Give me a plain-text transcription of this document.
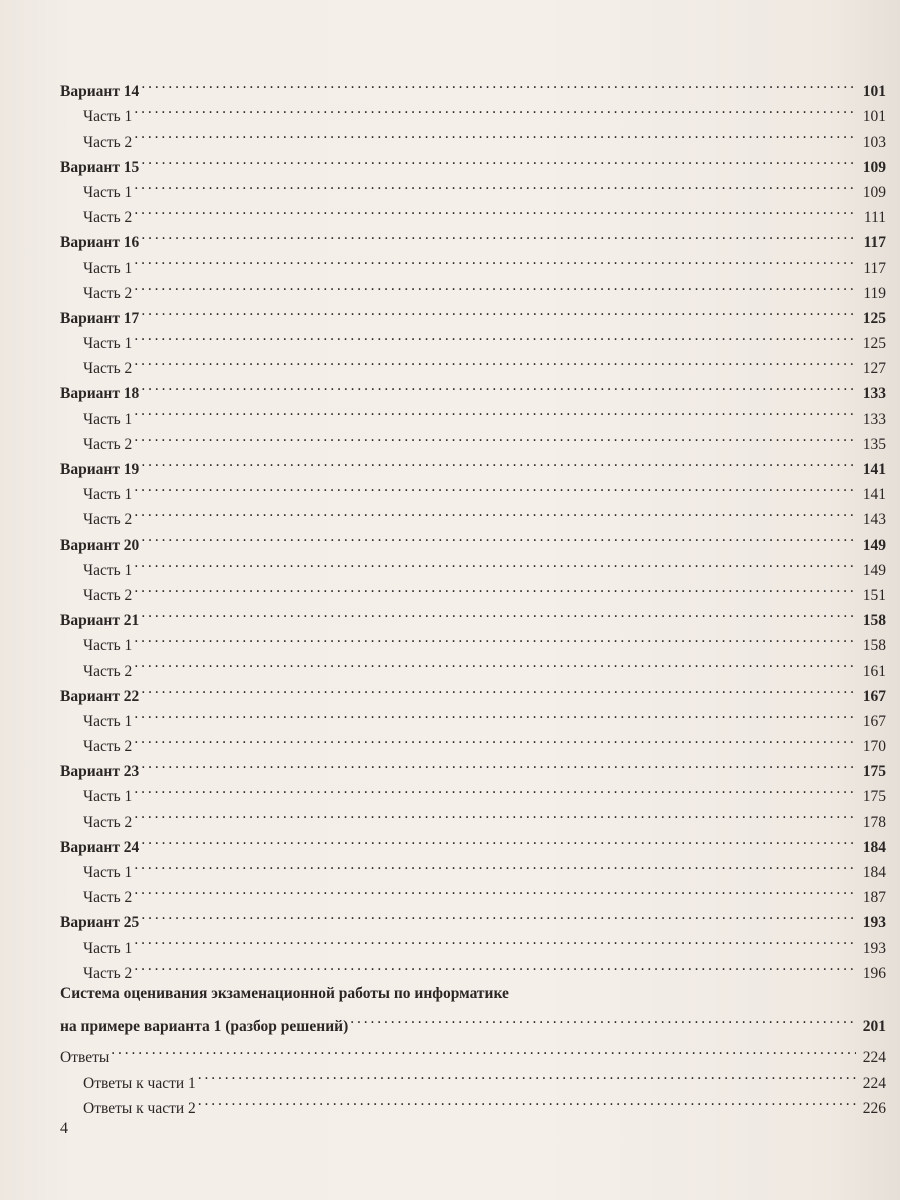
Вариант 14 . . .	101
Часть 1 . . .	101
Часть 2 . . .	103
Вариант 15 . . .	109
Часть 1 . . .	109
Часть 2 . . .	111
Вариант 16 . . .	117
Часть 1 . . .	117
Часть 2 . . .	119
Вариант 17 . . .	125
Часть 1 . . .	125
Часть 2 . . .	127
Вариант 18 . . .	133
Часть 1 . . .	133
Часть 2 . . .	135
Вариант 19 . . .	141
Часть 1 . . .	141
Часть 2 . . .	143
Вариант 20 . . .	149
Часть 1 . . .	149
Часть 2 . . .	151
Вариант 21 . . .	158
Часть 1 . . .	158
Часть 2 . . .	161
Вариант 22 . . .	167
Часть 1 . . .	167
Часть 2 . . .	170
Вариант 23 . . .	175
Часть 1 . . .	175
Часть 2 . . .	178
Вариант 24 . . .	184
Часть 1 . . .	184
Часть 2 . . .	187
Вариант 25 . . .	193
Часть 1 . . .	193
Часть 2 . . .	196
Система оценивания экзаменационной работы по информатике
на примере варианта 1 (разбор решений) . . .	201
Ответы . . .	224
Ответы к части 1 . . .	224
Ответы к части 2 . . .	226
4
